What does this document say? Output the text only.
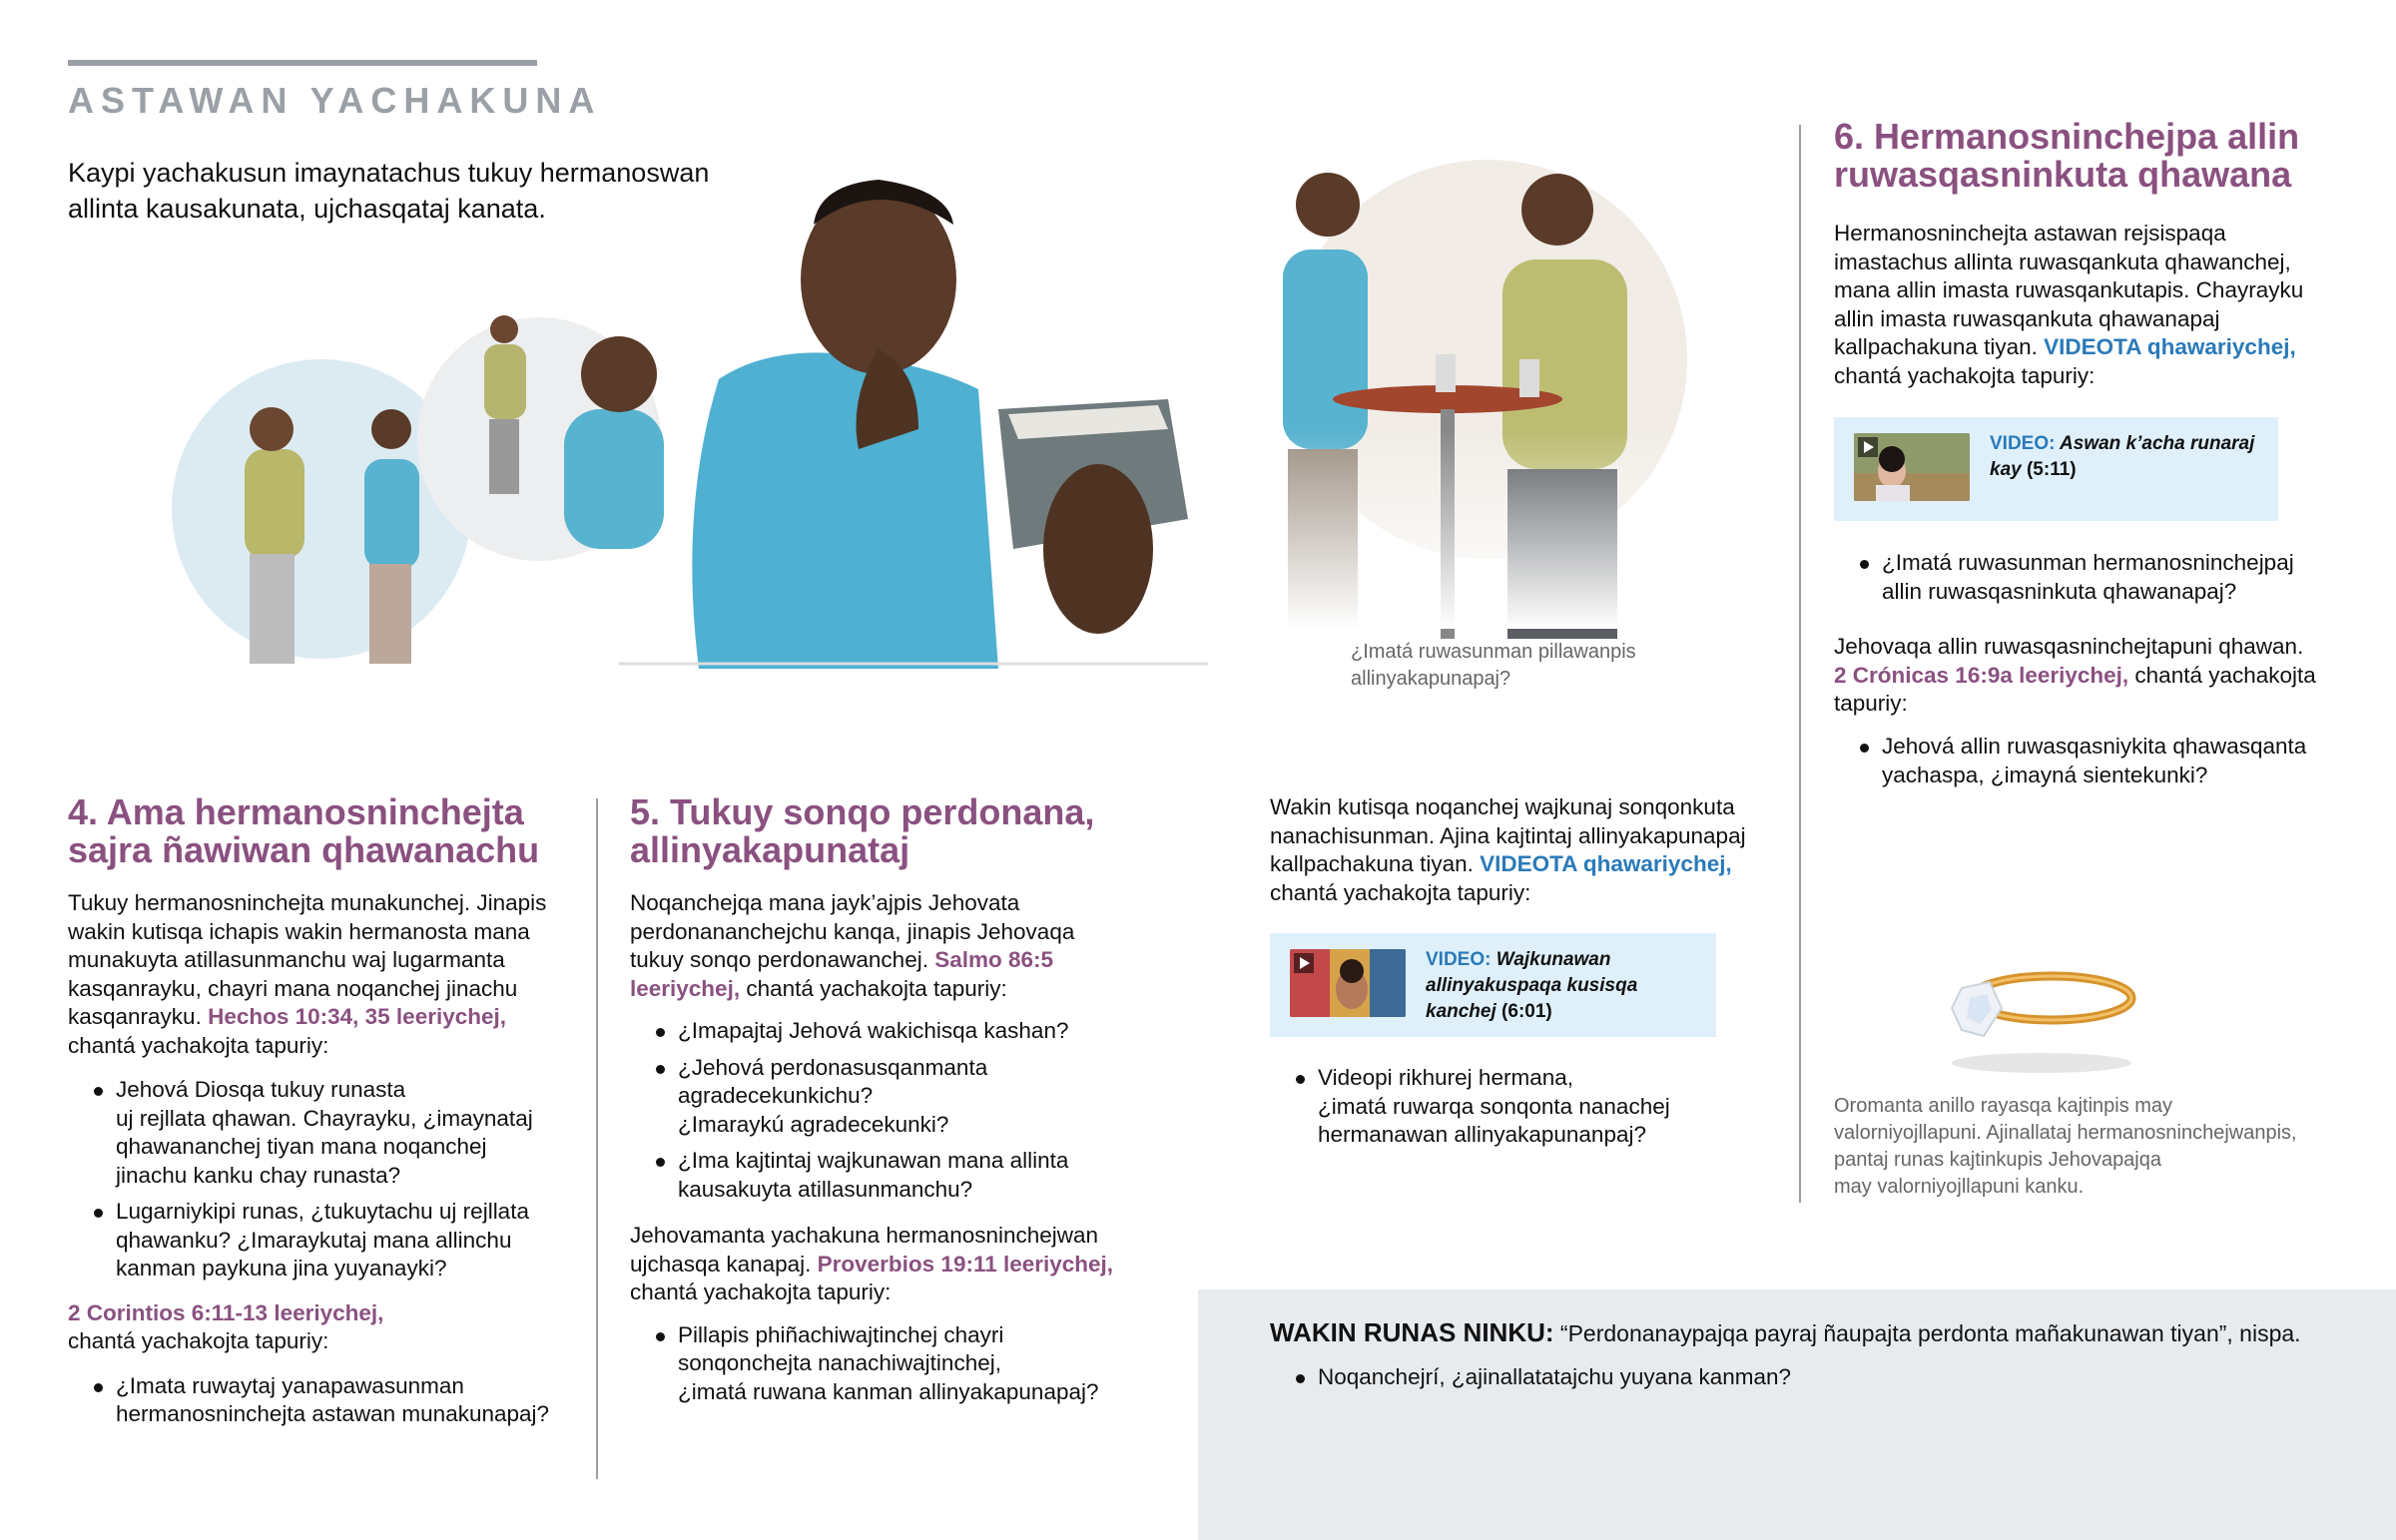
ASTAWAN YACHAKUNA
Kaypi yachakusun imaynatachus tukuy hermanoswan allinta kausakunata, ujchasqataj kanata.
¿Imatá ruwasunman pillawanpis
allinyakapunapaj?
4. Ama hermanosninchejta
sajra ñawiwan qhawanachu
Tukuy hermanosninchejta munakunchej. Jinapis
wakin kutisqa ichapis wakin hermanosta mana
munakuyta atillasunmanchu waj lugarmanta
kasqanrayku, chayri mana noqanchej jinachu
kasqanrayku. Hechos 10:34, 35 leeriychej,
chantá yachakojta tapuriy:
Jehová Diosqa tukuy runasta
uj rejllata qhawan. Chayrayku, ¿imaynataj
qhawananchej tiyan mana noqanchej
jinachu kanku chay runasta?
Lugarniykipi runas, ¿tukuytachu uj rejllata
qhawanku? ¿Imaraykutaj mana allinchu
kanman paykuna jina yuyanayki?
2 Corintios 6:11-13 leeriychej,
chantá yachakojta tapuriy:
¿Imata ruwaytaj yanapawasunman
hermanosninchejta astawan munakunapaj?
5. Tukuy sonqo perdonana,
allinyakapunataj
Noqanchejqa mana jayk’ajpis Jehovata
perdonananchejchu kanqa, jinapis Jehovaqa
tukuy sonqo perdonawanchej. Salmo 86:5
leeriychej, chantá yachakojta tapuriy:
¿Imapajtaj Jehová wakichisqa kashan?
¿Jehová perdonasusqanmanta
agradecekunkichu?
¿Imaraykú agradecekunki?
¿Ima kajtintaj wajkunawan mana allinta
kausakuyta atillasunmanchu?
Jehovamanta yachakuna hermanosninchejwan
ujchasqa kanapaj. Proverbios 19:11 leeriychej,
chantá yachakojta tapuriy:
Pillapis phiñachiwajtinchej chayri
sonqonchejta nanachiwajtinchej,
¿imatá ruwana kanman allinyakapunapaj?
Wakin kutisqa noqanchej wajkunaj sonqonkuta
nanachisunman. Ajina kajtintaj allinyakapunapaj
kallpachakuna tiyan. VIDEOTA qhawariychej,
chantá yachakojta tapuriy:
VIDEO: Wajkunawan
allinyakuspaqa kusisqa
kanchej (6:01)
Videopi rikhurej hermana,
¿imatá ruwarqa sonqonta nanachej
hermanawan allinyakapunanpaj?
6. Hermanosninchejpa allin
ruwasqasninkuta qhawana
Hermanosninchejta astawan rejsispaqa
imastachus allinta ruwasqankuta qhawanchej,
mana allin imasta ruwasqankutapis. Chayrayku
allin imasta ruwasqankuta qhawanapaj
kallpachakuna tiyan. VIDEOTA qhawariychej,
chantá yachakojta tapuriy:
VIDEO: Aswan k’acha runaraj
kay (5:11)
¿Imatá ruwasunman hermanosninchejpaj
allin ruwasqasninkuta qhawanapaj?
Jehovaqa allin ruwasqasninchejtapuni qhawan.
2 Crónicas 16:9a leeriychej, chantá yachakojta
tapuriy:
Jehová allin ruwasqasniykita qhawasqanta
yachaspa, ¿imayná sientekunki?
Oromanta anillo rayasqa kajtinpis may
valorniyojllapuni. Ajinallataj hermanosninchejwanpis,
pantaj runas kajtinkupis Jehovapajqa
may valorniyojllapuni kanku.
WAKIN RUNAS NINKU: “Perdonanaypajqa payraj ñaupajta perdonta mañakunawan tiyan”, nispa.
Noqanchejrí, ¿ajinallatatajchu yuyana kanman?
